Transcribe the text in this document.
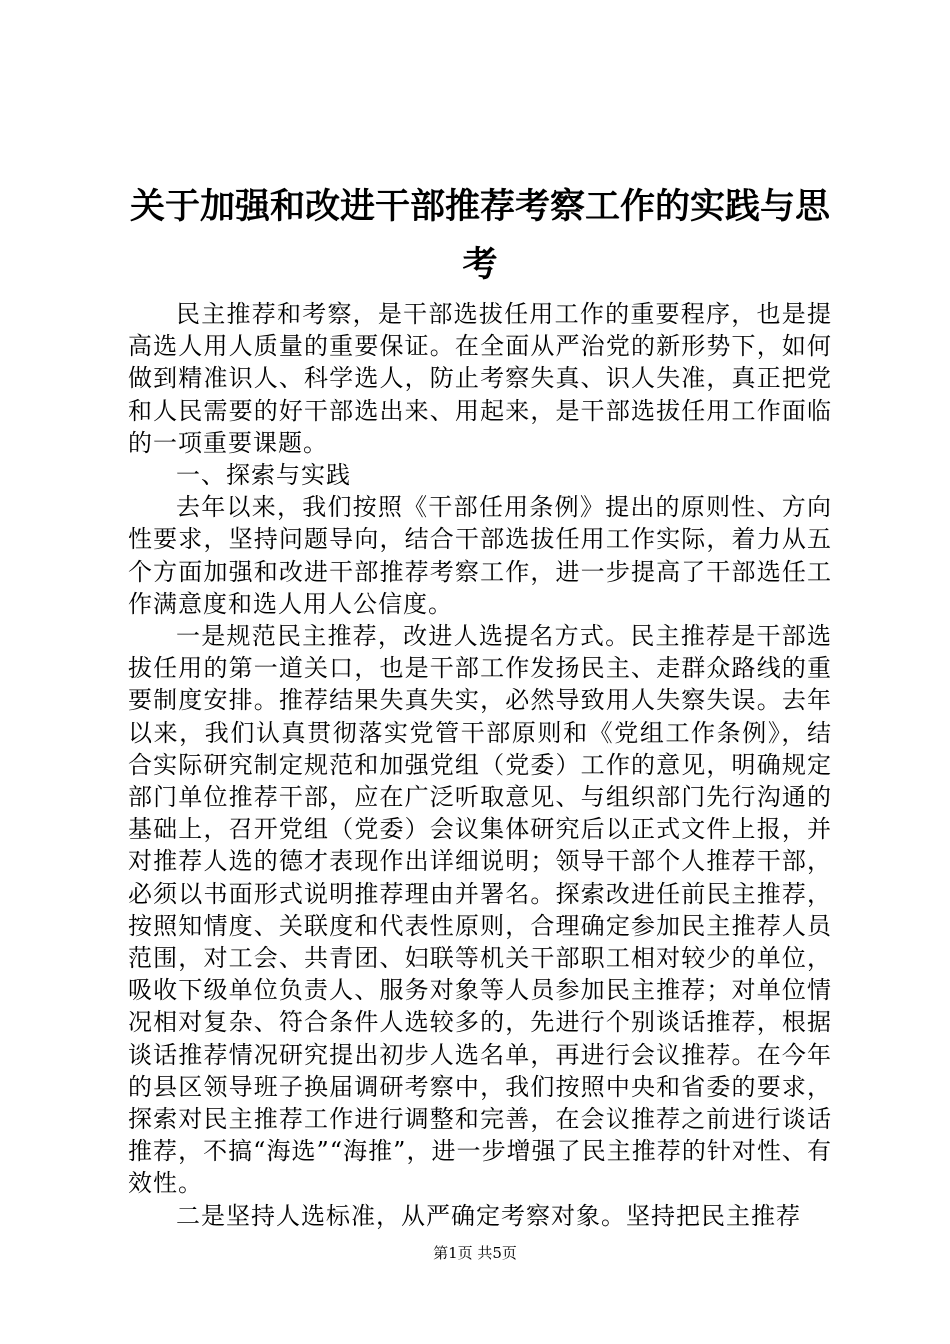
关于加强和改进干部推荐考察工作的实践与思考

民主推荐和考察，是干部选拔任用工作的重要程序，也是提高选人用人质量的重要保证。在全面从严治党的新形势下，如何做到精准识人、科学选人，防止考察失真、识人失准，真正把党和人民需要的好干部选出来、用起来，是干部选拔任用工作面临的一项重要课题。

一、探索与实践

去年以来，我们按照《干部任用条例》提出的原则性、方向性要求，坚持问题导向，结合干部选拔任用工作实际，着力从五个方面加强和改进干部推荐考察工作，进一步提高了干部选任工作满意度和选人用人公信度。

一是规范民主推荐，改进人选提名方式。民主推荐是干部选拔任用的第一道关口，也是干部工作发扬民主、走群众路线的重要制度安排。推荐结果失真失实，必然导致用人失察失误。去年以来，我们认真贯彻落实党管干部原则和《党组工作条例》，结合实际研究制定规范和加强党组（党委）工作的意见，明确规定部门单位推荐干部，应在广泛听取意见、与组织部门先行沟通的基础上，召开党组（党委）会议集体研究后以正式文件上报，并对推荐人选的德才表现作出详细说明；领导干部个人推荐干部，必须以书面形式说明推荐理由并署名。探索改进任前民主推荐，按照知情度、关联度和代表性原则，合理确定参加民主推荐人员范围，对工会、共青团、妇联等机关干部职工相对较少的单位，吸收下级单位负责人、服务对象等人员参加民主推荐；对单位情况相对复杂、符合条件人选较多的，先进行个别谈话推荐，根据谈话推荐情况研究提出初步人选名单，再进行会议推荐。在今年的县区领导班子换届调研考察中，我们按照中央和省委的要求，探索对民主推荐工作进行调整和完善，在会议推荐之前进行谈话推荐，不搞“海选”“海推”，进一步增强了民主推荐的针对性、有效性。

二是坚持人选标准，从严确定考察对象。坚持把民主推荐

第1页 共5页
